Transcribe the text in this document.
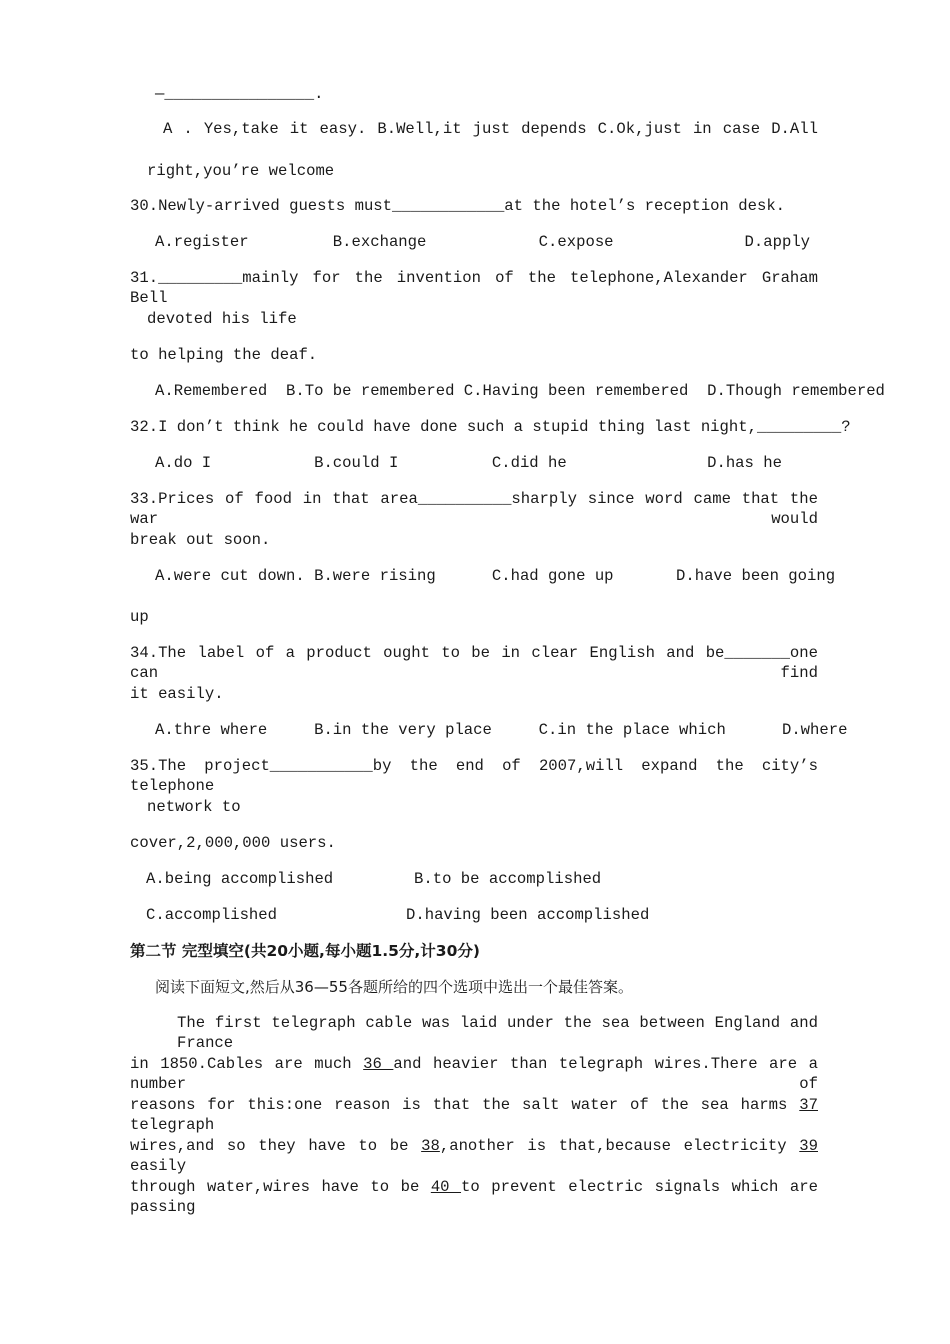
—________________.
A . Yes,take it easy. B.Well,it just depends C.Ok,just in case D.All
right,you’re welcome
30.Newly-arrived guests must____________at the hotel’s reception desk.
A.register         B.exchange            C.expose              D.apply
31._________mainly for the invention of the telephone,Alexander Graham Bell
devoted his life
to helping the deaf.
A.Remembered  B.To be remembered C.Having been remembered  D.Though remembered
32.I don’t think he could have done such a stupid thing last night,_________?
A.do I           B.could I          C.did he               D.has he
33.Prices of food in that area__________sharply since word came that the war would
break out soon.
A.were cut down. B.were rising      C.had gone up	D.have been going
up
34.The label of a product ought to be in clear English and be_______one can find
it easily.
A.thre where     B.in the very place     C.in the place which      D.where
35.The project___________by the end of 2007,will expand the city’s telephone
network to
cover,2,000,000 users.
A.being accomplished	B.to be accomplished
C.accomplished	D.having been accomplished
第二节 完型填空(共20小题,每小题1.5分,计30分)
阅读下面短文,然后从36—55各题所给的四个选项中选出一个最佳答案。
The first telegraph cable was laid under the sea between England and France
in 1850.Cables are much 36 and heavier than telegraph wires.There are a number of
reasons for this:one reason is that the salt water of the sea harms 37 telegraph
wires,and so they have to be 38,another is that,because electricity 39 easily
through water,wires have to be 40 to prevent electric signals which are passing
